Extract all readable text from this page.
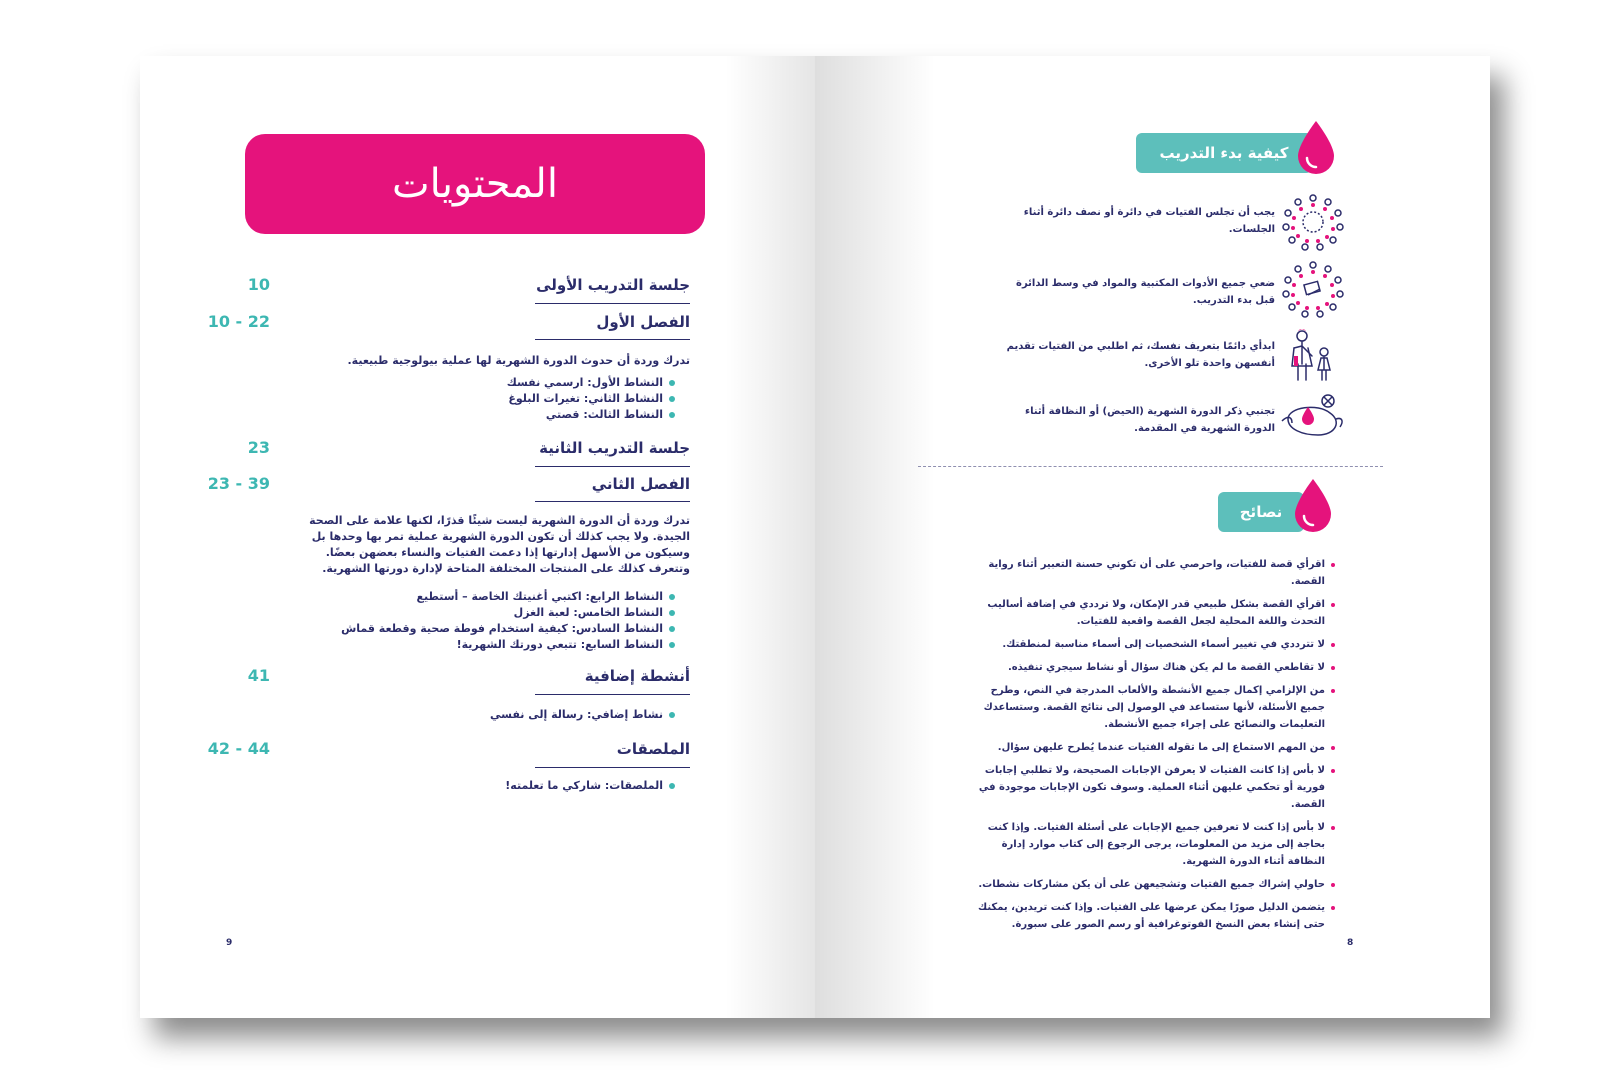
المحتويات
10	جلسة التدريب الأولى
10 - 22	الفصل الأول
تدرك وردة أن حدوث الدورة الشهرية لها عملية بيولوجية طبيعية.
النشاط الأول: ارسمي نفسك
النشاط الثاني: تغيرات البلوغ
النشاط الثالث: قصتي
23	جلسة التدريب الثانية
23 - 39	الفصل الثاني
تدرك وردة أن الدورة الشهرية ليست شيئًا قذرًا، لكنها علامة على الصحة الجيدة. ولا يجب كذلك أن تكون الدورة الشهرية عملية تمر بها وحدها بل وسيكون من الأسهل إدارتها إذا دعمت الفتيات والنساء بعضهن بعضًا. وتتعرف كذلك على المنتجات المختلفة المتاحة لإدارة دورتها الشهرية.
النشاط الرابع: اكتبي أغنيتك الخاصة – أستطيع
النشاط الخامس: لعبة الغزل
النشاط السادس: كيفية استخدام فوطة صحية وقطعة قماش
النشاط السابع: تتبعي دورتك الشهرية!
41	أنشطة إضافية
نشاط إضافي: رسالة إلى نفسي
42 - 44	الملصقات
الملصقات: شاركي ما تعلمته!
9
كيفية بدء التدريب
يجب أن تجلس الفتيات في دائرة أو نصف دائرة أثناء الجلسات.
ضعي جميع الأدوات المكتبية والمواد في وسط الدائرة قبل بدء التدريب.
ابدأي دائمًا بتعريف نفسك، ثم اطلبي من الفتيات تقديم أنفسهن واحدة تلو الأخرى.
تجنبي ذكر الدورة الشهرية (الحيض) أو النظافة أثناء الدورة الشهرية في المقدمة.
نصائح
اقرأي قصة للفتيات، واحرصي على أن تكوني حسنة التعبير أثناء رواية القصة.
اقرأي القصة بشكل طبيعي قدر الإمكان، ولا ترددي في إضافة أساليب التحدث واللغة المحلية لجعل القصة واقعية للفتيات.
لا تترددي في تغيير أسماء الشخصيات إلى أسماء مناسبة لمنطقتك.
لا تقاطعي القصة ما لم يكن هناك سؤال أو نشاط سيجري تنفيذه.
من الإلزامي إكمال جميع الأنشطة والألعاب المدرجة في النص، وطرح جميع الأسئلة، لأنها ستساعد في الوصول إلى نتائج القصة. وستساعدك التعليمات والنصائح على إجراء جميع الأنشطة.
من المهم الاستماع إلى ما تقوله الفتيات عندما يُطرح عليهن سؤال.
لا بأس إذا كانت الفتيات لا يعرفن الإجابات الصحيحة، ولا تطلبي إجابات فورية أو تحكمي عليهن أثناء العملية. وسوف تكون الإجابات موجودة في القصة.
لا بأس إذا كنت لا تعرفين جميع الإجابات على أسئلة الفتيات. وإذا كنت بحاجة إلى مزيد من المعلومات، يرجى الرجوع إلى كتاب موارد إدارة النظافة أثناء الدورة الشهرية.
حاولي إشراك جميع الفتيات وتشجيعهن على أن يكن مشاركات نشطات.
يتضمن الدليل صورًا يمكن عرضها على الفتيات. وإذا كنت تريدين، يمكنك حتى إنشاء بعض النسخ الفوتوغرافية أو رسم الصور على سبورة.
8
